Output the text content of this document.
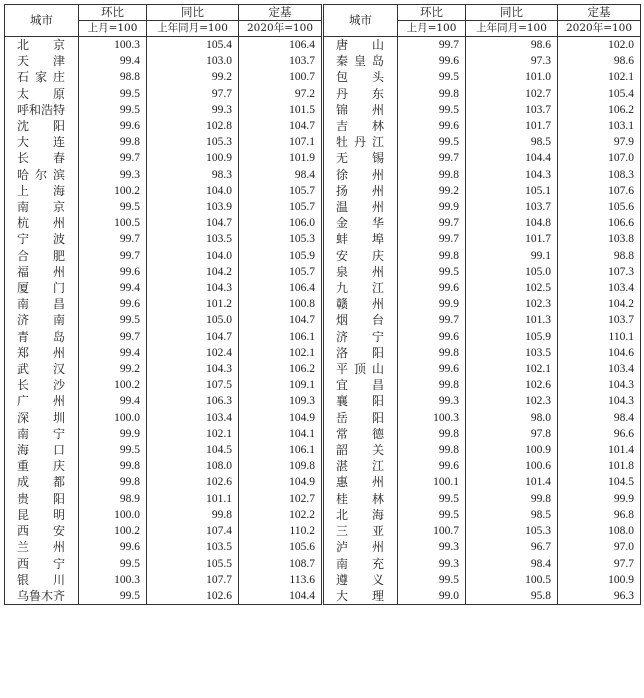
城市	环比	同比	定基
	上月=100	上年同月=100	2020年=100

北京	100.3	105.4	106.4

天津	99.4	103.0	103.7

石家庄	98.8	99.2	100.7

太原	99.5	97.7	97.2

呼和浩特	99.5	99.3	101.5

沈阳	99.6	102.8	104.7

大连	99.8	105.3	107.1

长春	99.7	100.9	101.9

哈尔滨	99.3	98.3	98.4

上海	100.2	104.0	105.7

南京	99.5	103.9	105.7

杭州	100.5	104.7	106.0

宁波	99.7	103.5	105.3

合肥	99.7	104.0	105.9

福州	99.6	104.2	105.7

厦门	99.4	104.3	106.4

南昌	99.6	101.2	100.8

济南	99.5	105.0	104.7

青岛	99.7	104.7	106.1

郑州	99.4	102.4	102.1

武汉	99.2	104.3	106.2

长沙	100.2	107.5	109.1

广州	99.4	106.3	109.3

深圳	100.0	103.4	104.9

南宁	99.9	102.1	104.1

海口	99.5	104.5	106.1

重庆	99.8	108.0	109.8

成都	99.8	102.6	104.9

贵阳	98.9	101.1	102.7

昆明	100.0	99.8	102.2

西安	100.2	107.4	110.2

兰州	99.6	103.5	105.6

西宁	99.5	105.5	108.7

银川	100.3	107.7	113.6

乌鲁木齐	99.5	102.6	104.4
城市	环比	同比	定基
	上月=100	上年同月=100	2020年=100

唐山	99.7	98.6	102.0

秦皇岛	99.6	97.3	98.6

包头	99.5	101.0	102.1

丹东	99.8	102.7	105.4

锦州	99.5	103.7	106.2

吉林	99.6	101.7	103.1

牡丹江	99.5	98.5	97.9

无锡	99.7	104.4	107.0

徐州	99.8	104.3	108.3

扬州	99.2	105.1	107.6

温州	99.9	103.7	105.6

金华	99.7	104.8	106.6

蚌埠	99.7	101.7	103.8

安庆	99.8	99.1	98.8

泉州	99.5	105.0	107.3

九江	99.6	102.5	103.4

赣州	99.9	102.3	104.2

烟台	99.7	101.3	103.7

济宁	99.6	105.9	110.1

洛阳	99.8	103.5	104.6

平顶山	99.6	102.1	103.4

宜昌	99.8	102.6	104.3

襄阳	99.3	102.3	104.3

岳阳	100.3	98.0	98.4

常德	99.8	97.8	96.6

韶关	99.8	100.9	101.4

湛江	99.6	100.6	101.8

惠州	100.1	101.4	104.5

桂林	99.5	99.8	99.9

北海	99.5	98.5	96.8

三亚	100.7	105.3	108.0

泸州	99.3	96.7	97.0

南充	99.3	98.4	97.7

遵义	99.5	100.5	100.9

大理	99.0	95.8	96.3
